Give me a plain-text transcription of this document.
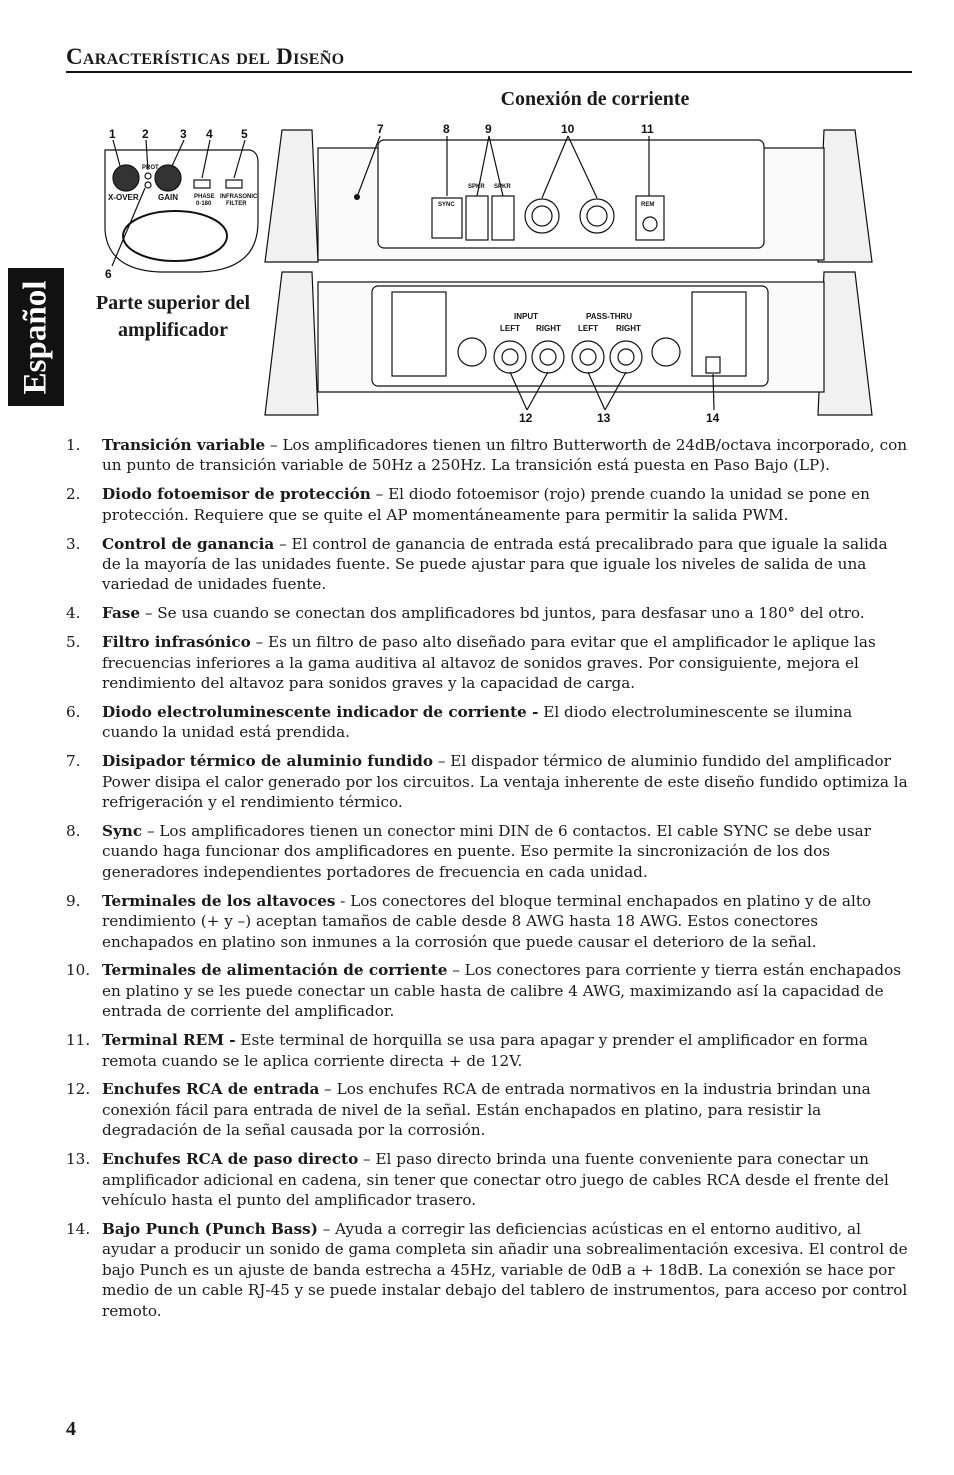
Español
Características del Diseño
Conexión de corriente
Parte superior del
amplificador
X-OVER GAIN
PROT
PHASE
0-180
INFRASONIC
FILTER	SYNC
SPKR SPKR
REM
INPUT	PASS-THRU
LEFT RIGHT LEFT RIGHT
1 2	3 4 5
6
7	8	9	10	11
12	13	14
1.	Transición variable – Los amplificadores tienen un filtro Butterworth de 24dB/octava incorporado, con un punto de transición variable de 50Hz a 250Hz. La transición está puesta en Paso Bajo (LP).
2.	Diodo fotoemisor de protección – El diodo fotoemisor (rojo) prende cuando la unidad se pone en protección. Requiere que se quite el AP momentáneamente para permitir la salida PWM.
3.	Control de ganancia – El control de ganancia de entrada está precalibrado para que iguale la salida de la mayoría de las unidades fuente. Se puede ajustar para que iguale los niveles de salida de una variedad de unidades fuente.
4.	Fase – Se usa cuando se conectan dos amplificadores bd juntos, para desfasar uno a 180° del otro.
5.	Filtro infrasónico – Es un filtro de paso alto diseñado para evitar que el amplificador le aplique las frecuencias inferiores a la gama auditiva al altavoz de sonidos graves. Por consiguiente, mejora el rendimiento del altavoz para sonidos graves y la capacidad de carga.
6.	Diodo electroluminescente indicador de corriente - El diodo electroluminescente se ilumina cuando la unidad está prendida.
7.	Disipador térmico de aluminio fundido – El dispador térmico de aluminio fundido del amplificador Power disipa el calor generado por los circuitos. La ventaja inherente de este diseño fundido optimiza la refrigeración y el rendimiento térmico.
8.	Sync – Los amplificadores tienen un conector mini DIN de 6 contactos. El cable SYNC se debe usar cuando haga funcionar dos amplificadores en puente. Eso permite la sincronización de los dos generadores independientes portadores de frecuencia en cada unidad.
9.	Terminales de los altavoces - Los conectores del bloque terminal enchapados en platino y de alto rendimiento (+ y –) aceptan tamaños de cable desde 8 AWG hasta 18 AWG. Estos conectores enchapados en platino son inmunes a la corrosión que puede causar el deterioro de la señal.
10. Terminales de alimentación de corriente – Los conectores para corriente y tierra están enchapados en platino y se les puede conectar un cable hasta de calibre 4 AWG, maximizando así la capacidad de entrada de corriente del amplificador.
11. Terminal REM - Este terminal de horquilla se usa para apagar y prender el amplificador en forma remota cuando se le aplica corriente directa + de 12V.
12. Enchufes RCA de entrada – Los enchufes RCA de entrada normativos en la industria brindan una conexión fácil para entrada de nivel de la señal. Están enchapados en platino, para resistir la degradación de la señal causada por la corrosión.
13. Enchufes RCA de paso directo – El paso directo brinda una fuente conveniente para conectar un amplificador adicional en cadena, sin tener que conectar otro juego de cables RCA desde el frente del vehículo hasta el punto del amplificador trasero.
14. Bajo Punch (Punch Bass) – Ayuda a corregir las deficiencias acústicas en el entorno auditivo, al ayudar a producir un sonido de gama completa sin añadir una sobrealimentación excesiva. El control de bajo Punch es un ajuste de banda estrecha a 45Hz, variable de 0dB a + 18dB. La conexión se hace por medio de un cable RJ-45 y se puede instalar debajo del tablero de instrumentos, para acceso por control remoto.
4
